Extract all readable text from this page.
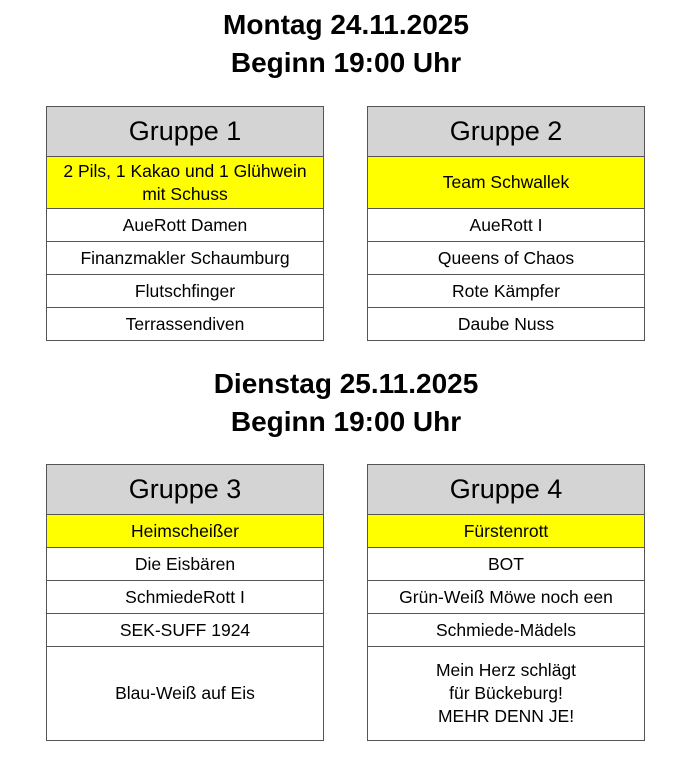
Montag 24.11.2025
Beginn 19:00 Uhr
Gruppe 1
2 Pils, 1 Kakao und 1 Glühwein mit Schuss
AueRott Damen
Finanzmakler Schaumburg
Flutschfinger
Terrassendiven
Gruppe 2
Team Schwallek
AueRott I
Queens of Chaos
Rote Kämpfer
Daube Nuss
Dienstag 25.11.2025
Beginn 19:00 Uhr
Gruppe 3
Heimscheißer
Die Eisbären
SchmiedeRott I
SEK-SUFF 1924
Blau-Weiß auf Eis
Gruppe 4
Fürstenrott
BOT
Grün-Weiß Möwe noch een
Schmiede-Mädels
Mein Herz schlägt für Bückeburg!
MEHR DENN JE!
